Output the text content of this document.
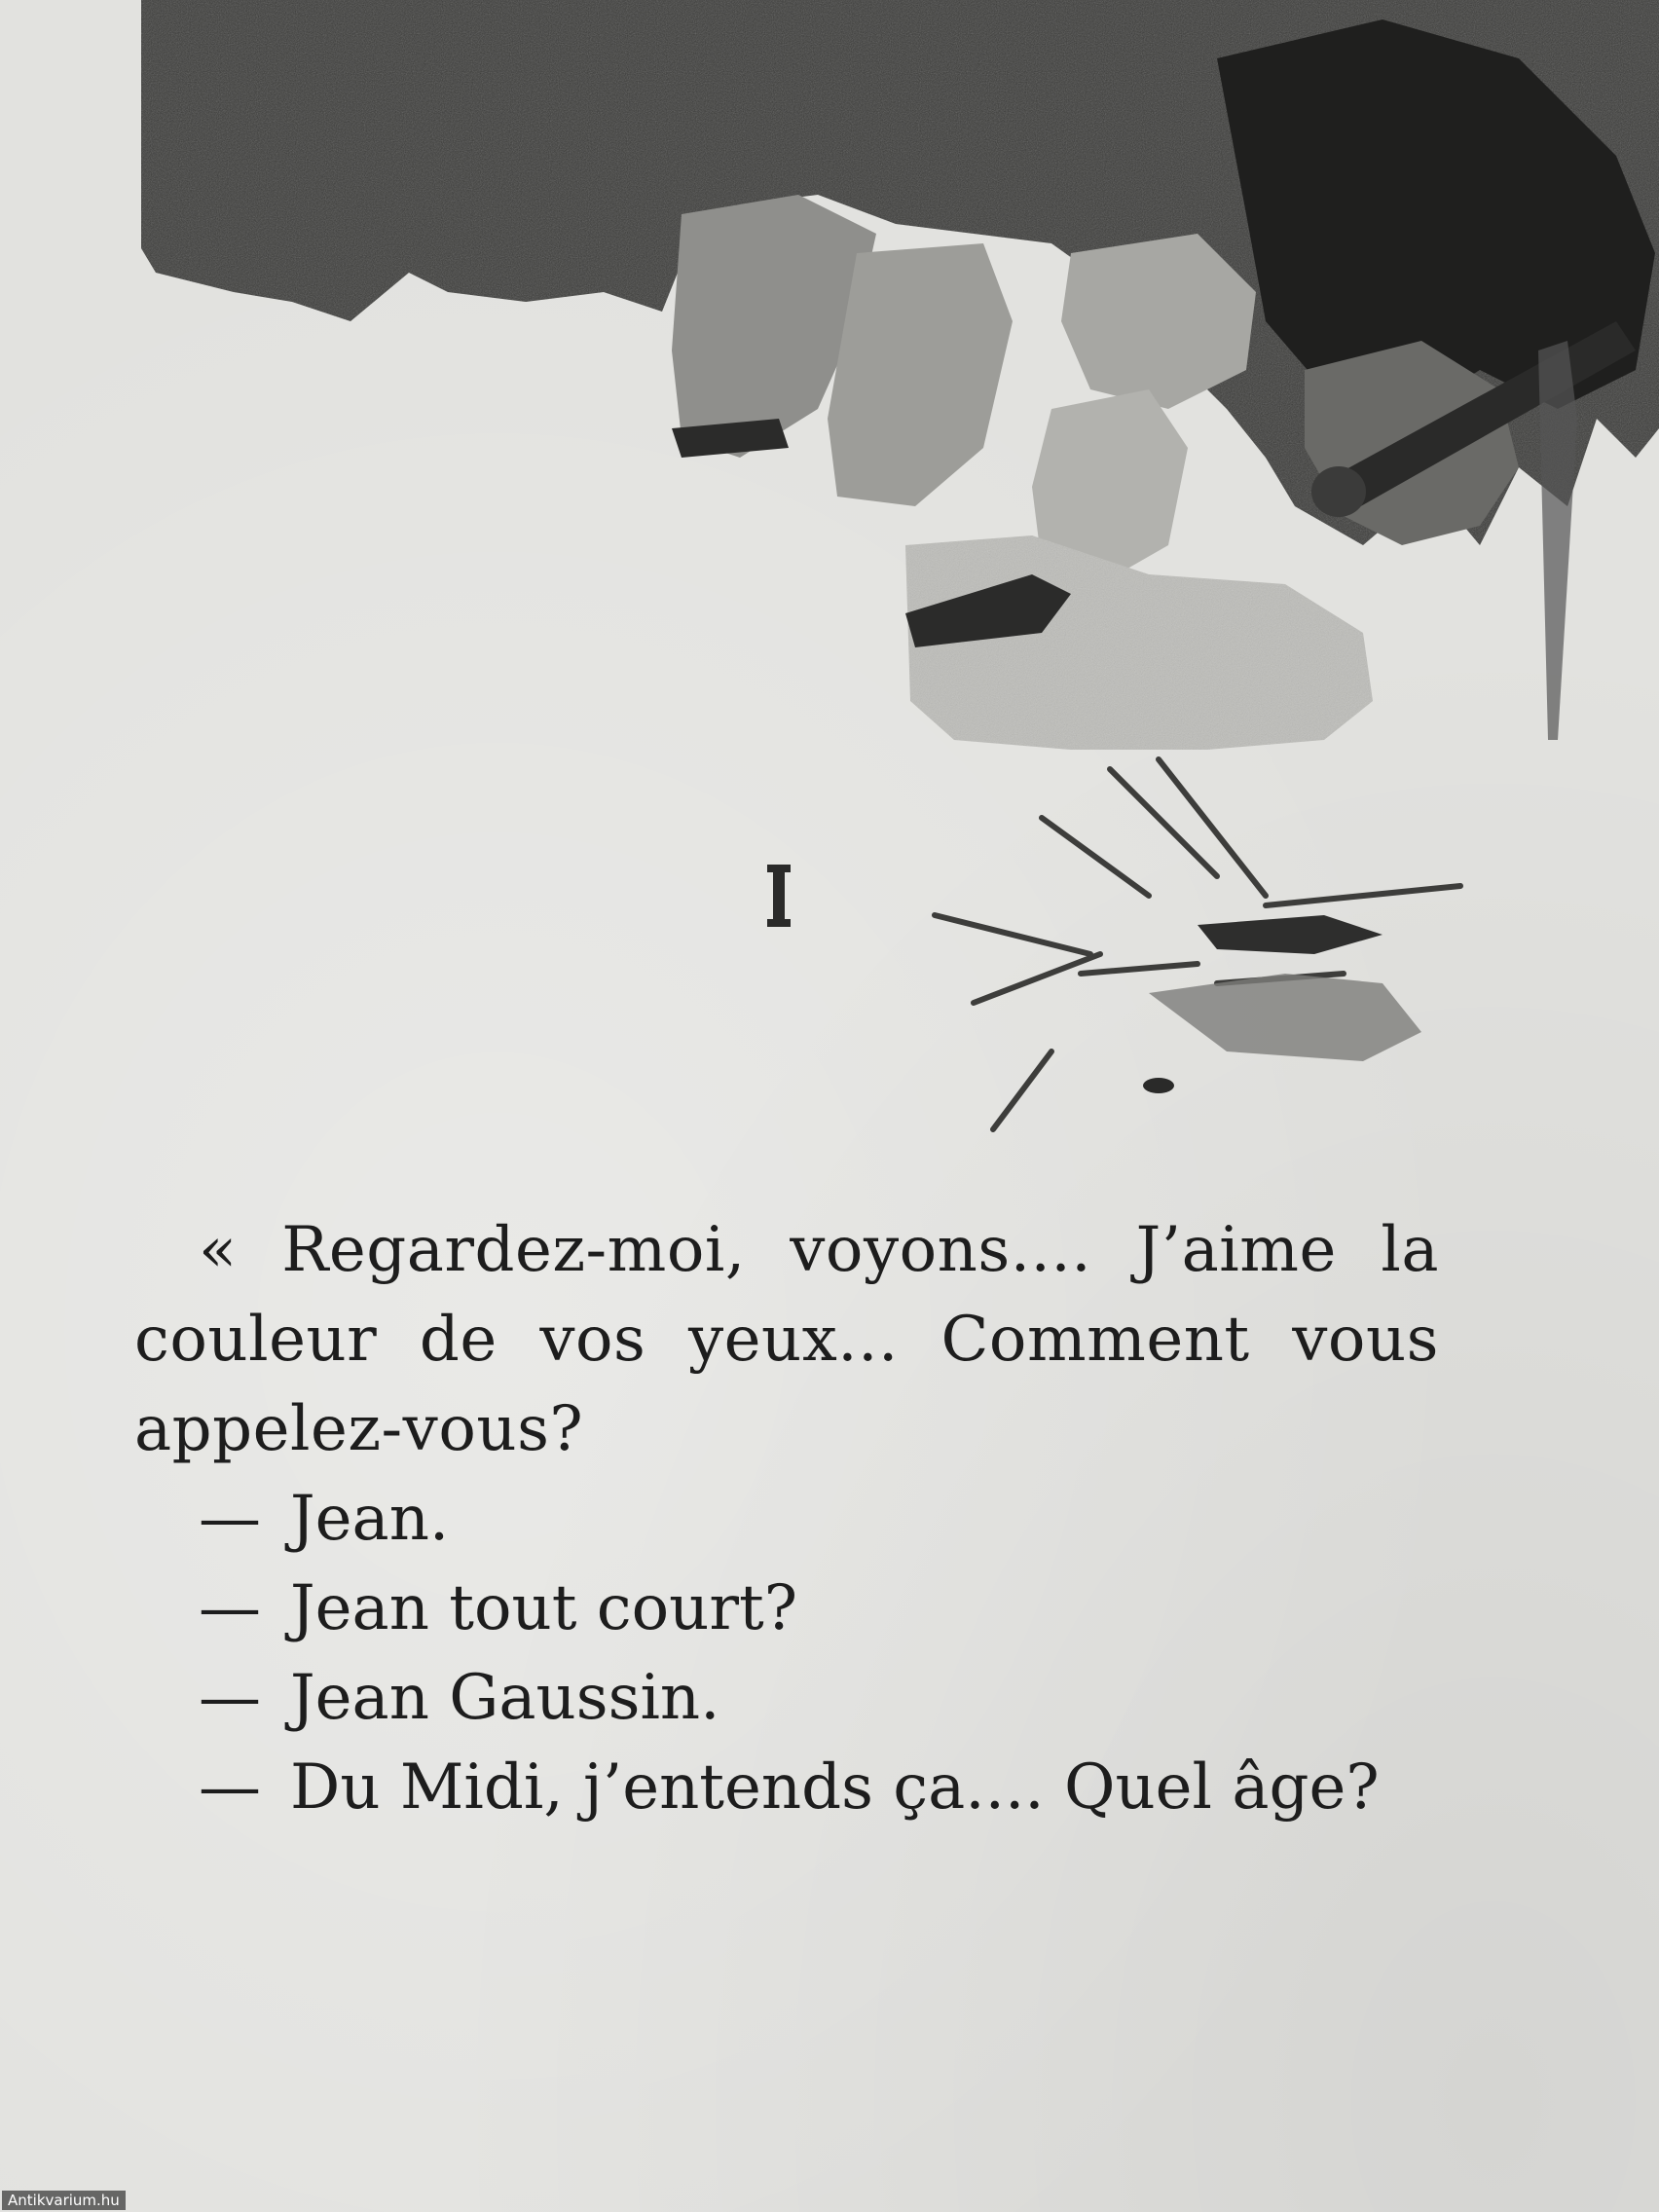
« Regardez-moi, voyons.... J’aime la couleur de vos yeux... Comment vous appelez-vous?

— Jean.

— Jean tout court?

— Jean Gaussin.

— Du Midi, j’entends ça.... Quel âge?

Antikvarium.hu
